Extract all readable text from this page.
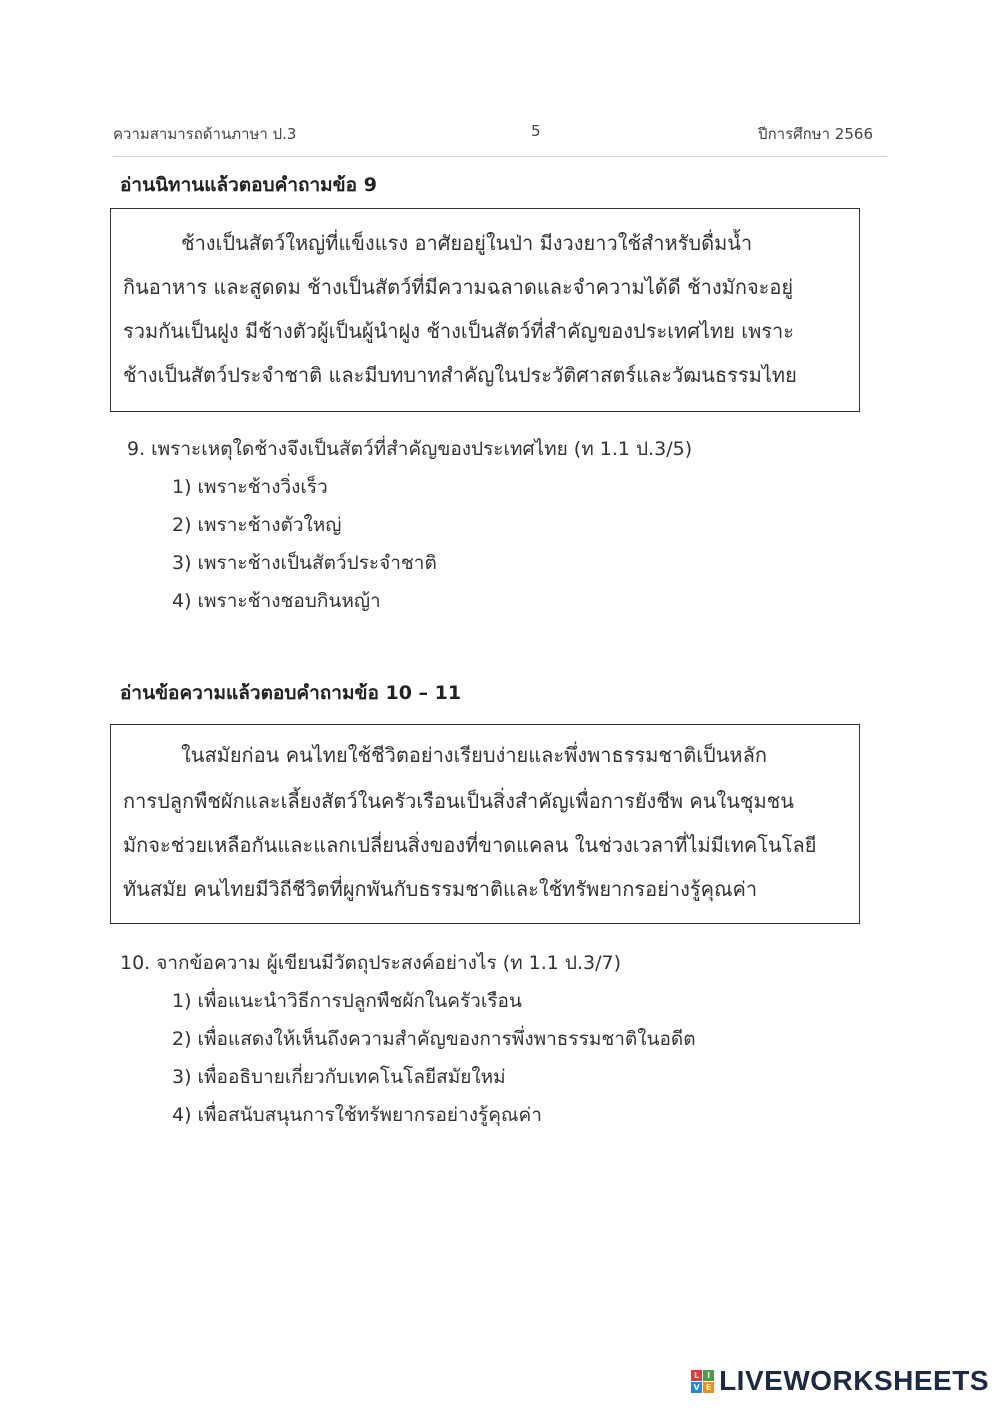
ความสามารถด้านภาษา ป.3	5	ปีการศึกษา 2566
อ่านนิทานแล้วตอบคำถามข้อ 9
ช้างเป็นสัตว์ใหญ่ที่แข็งแรง อาศัยอยู่ในป่า มีงวงยาวใช้สำหรับดื่มน้ำ
กินอาหาร และสูดดม ช้างเป็นสัตว์ที่มีความฉลาดและจำความได้ดี ช้างมักจะอยู่
รวมกันเป็นฝูง มีช้างตัวผู้เป็นผู้นำฝูง ช้างเป็นสัตว์ที่สำคัญของประเทศไทย เพราะ
ช้างเป็นสัตว์ประจำชาติ และมีบทบาทสำคัญในประวัติศาสตร์และวัฒนธรรมไทย
9. เพราะเหตุใดช้างจึงเป็นสัตว์ที่สำคัญของประเทศไทย (ท 1.1 ป.3/5)
1) เพราะช้างวิ่งเร็ว
2) เพราะช้างตัวใหญ่
3) เพราะช้างเป็นสัตว์ประจำชาติ
4) เพราะช้างชอบกินหญ้า
อ่านข้อความแล้วตอบคำถามข้อ 10 – 11
ในสมัยก่อน คนไทยใช้ชีวิตอย่างเรียบง่ายและพึ่งพาธรรมชาติเป็นหลัก
การปลูกพืชผักและเลี้ยงสัตว์ในครัวเรือนเป็นสิ่งสำคัญเพื่อการยังชีพ คนในชุมชน
มักจะช่วยเหลือกันและแลกเปลี่ยนสิ่งของที่ขาดแคลน ในช่วงเวลาที่ไม่มีเทคโนโลยี
ทันสมัย คนไทยมีวิถีชีวิตที่ผูกพันกับธรรมชาติและใช้ทรัพยากรอย่างรู้คุณค่า
10. จากข้อความ ผู้เขียนมีวัตถุประสงค์อย่างไร (ท 1.1 ป.3/7)
1) เพื่อแนะนำวิธีการปลูกพืชผักในครัวเรือน
2) เพื่อแสดงให้เห็นถึงความสำคัญของการพึ่งพาธรรมชาติในอดีต
3) เพื่ออธิบายเกี่ยวกับเทคโนโลยีสมัยใหม่
4) เพื่อสนับสนุนการใช้ทรัพยากรอย่างรู้คุณค่า
L I
V E LIVEWORKSHEETS
